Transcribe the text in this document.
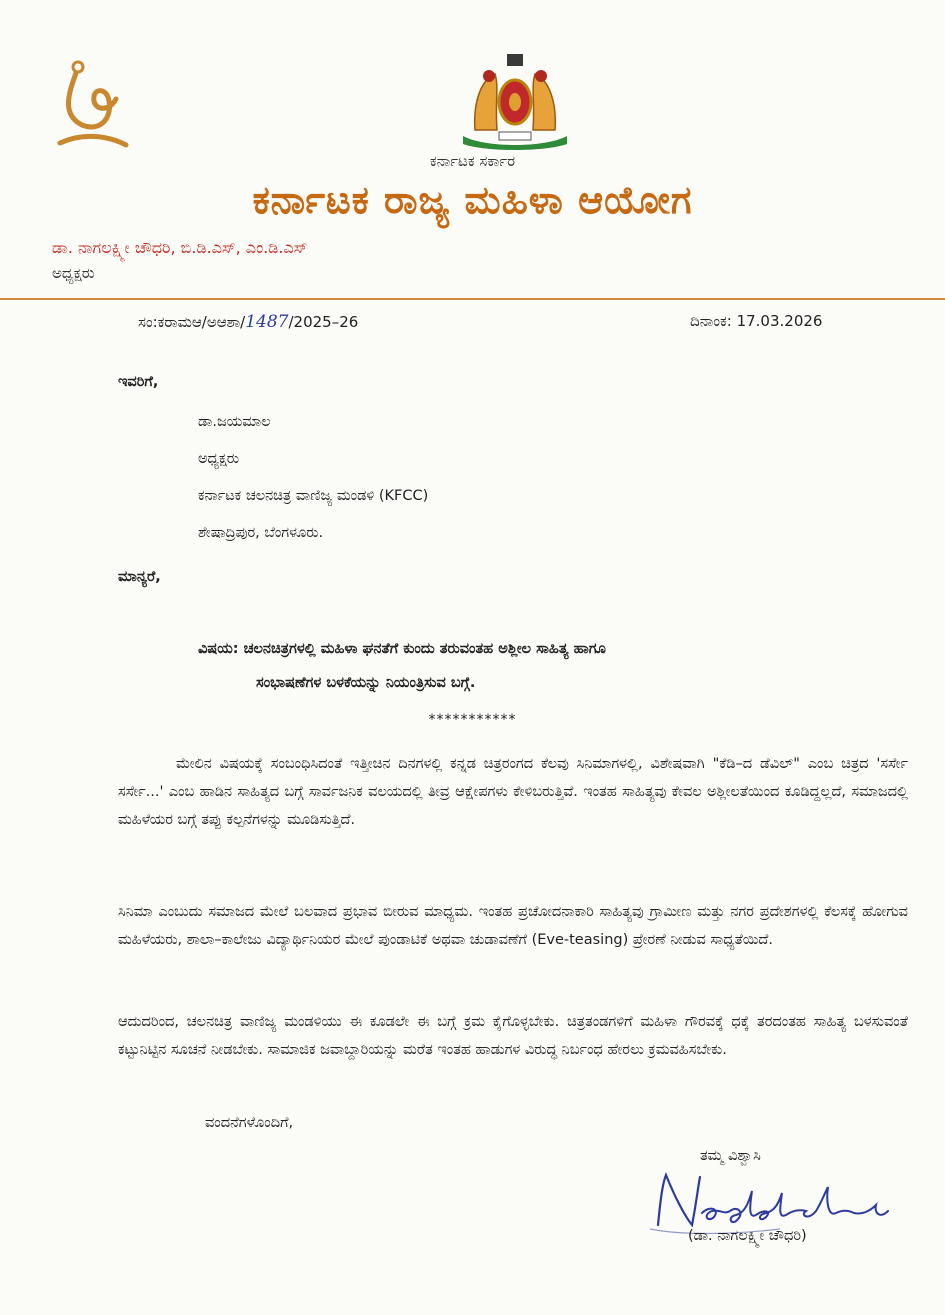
ಕರ್ನಾಟಕ ಸರ್ಕಾರ
ಕರ್ನಾಟಕ ರಾಜ್ಯ ಮಹಿಳಾ ಆಯೋಗ
ಡಾ. ನಾಗಲಕ್ಷ್ಮೀ ಚೌಧರಿ, ಬಿ.ಡಿ.ಎಸ್, ಎಂ.ಡಿ.ಎಸ್
ಅಧ್ಯಕ್ಷರು
ಸಂ:ಕರಾಮಆ/ಅಆಶಾ/1487/2025–26	ದಿನಾಂಕ: 17.03.2026
ಇವರಿಗೆ,
ಡಾ.ಜಯಮಾಲ
ಅಧ್ಯಕ್ಷರು
ಕರ್ನಾಟಕ ಚಲನಚಿತ್ರ ವಾಣಿಜ್ಯ ಮಂಡಳಿ (KFCC)
ಶೇಷಾದ್ರಿಪುರ, ಬೆಂಗಳೂರು.
ಮಾನ್ಯರೆ,
ವಿಷಯ: ಚಲನಚಿತ್ರಗಳಲ್ಲಿ ಮಹಿಳಾ ಘನತೆಗೆ ಕುಂದು ತರುವಂತಹ ಅಶ್ಲೀಲ ಸಾಹಿತ್ಯ ಹಾಗೂ
ಸಂಭಾಷಣೆಗಳ ಬಳಕೆಯನ್ನು ನಿಯಂತ್ರಿಸುವ ಬಗ್ಗೆ.
***********
ಮೇಲಿನ ವಿಷಯಕ್ಕೆ ಸಂಬಂಧಿಸಿದಂತೆ ಇತ್ತೀಚಿನ ದಿನಗಳಲ್ಲಿ ಕನ್ನಡ ಚಿತ್ರರಂಗದ ಕೆಲವು ಸಿನಿಮಾಗಳಲ್ಲಿ, ವಿಶೇಷವಾಗಿ "ಕೆಡಿ–ದ ಡೆವಿಲ್" ಎಂಬ ಚಿತ್ರದ 'ಸರ್ಸೇ ಸರ್ಸೇ...' ಎಂಬ ಹಾಡಿನ ಸಾಹಿತ್ಯದ ಬಗ್ಗೆ ಸಾರ್ವಜನಿಕ ವಲಯದಲ್ಲಿ ತೀವ್ರ ಆಕ್ಷೇಪಗಳು ಕೇಳಿಬರುತ್ತಿವೆ. ಇಂತಹ ಸಾಹಿತ್ಯವು ಕೇವಲ ಅಶ್ಲೀಲತೆಯಿಂದ ಕೂಡಿದ್ದಲ್ಲದೆ, ಸಮಾಜದಲ್ಲಿ ಮಹಿಳೆಯರ ಬಗ್ಗೆ ತಪ್ಪು ಕಲ್ಪನೆಗಳನ್ನು ಮೂಡಿಸುತ್ತಿದೆ.
ಸಿನಿಮಾ ಎಂಬುದು ಸಮಾಜದ ಮೇಲೆ ಬಲವಾದ ಪ್ರಭಾವ ಬೀರುವ ಮಾಧ್ಯಮ. ಇಂತಹ ಪ್ರಚೋದನಾಕಾರಿ ಸಾಹಿತ್ಯವು ಗ್ರಾಮೀಣ ಮತ್ತು ನಗರ ಪ್ರದೇಶಗಳಲ್ಲಿ ಕೆಲಸಕ್ಕೆ ಹೋಗುವ ಮಹಿಳೆಯರು, ಶಾಲಾ–ಕಾಲೇಜು ವಿದ್ಯಾರ್ಥಿನಿಯರ ಮೇಲೆ ಪುಂಡಾಟಿಕೆ ಅಥವಾ ಚುಡಾವಣೆಗೆ (Eve-teasing) ಪ್ರೇರಣೆ ನೀಡುವ ಸಾಧ್ಯತೆಯಿದೆ.
ಆದುದರಿಂದ, ಚಲನಚಿತ್ರ ವಾಣಿಜ್ಯ ಮಂಡಳಿಯು ಈ ಕೂಡಲೇ ಈ ಬಗ್ಗೆ ಕ್ರಮ ಕೈಗೊಳ್ಳಬೇಕು. ಚಿತ್ರತಂಡಗಳಿಗೆ ಮಹಿಳಾ ಗೌರವಕ್ಕೆ ಧಕ್ಕೆ ತರದಂತಹ ಸಾಹಿತ್ಯ ಬಳಸುವಂತೆ ಕಟ್ಟುನಿಟ್ಟಿನ ಸೂಚನೆ ನೀಡಬೇಕು. ಸಾಮಾಜಿಕ ಜವಾಬ್ದಾರಿಯನ್ನು ಮರೆತ ಇಂತಹ ಹಾಡುಗಳ ವಿರುದ್ಧ ನಿರ್ಬಂಧ ಹೇರಲು ಕ್ರಮವಹಿಸಬೇಕು.
ವಂದನೆಗಳೊಂದಿಗೆ,
ತಮ್ಮ ವಿಶ್ವಾಸಿ
(ಡಾ. ನಾಗಲಕ್ಷ್ಮೀ ಚೌಧರಿ)
